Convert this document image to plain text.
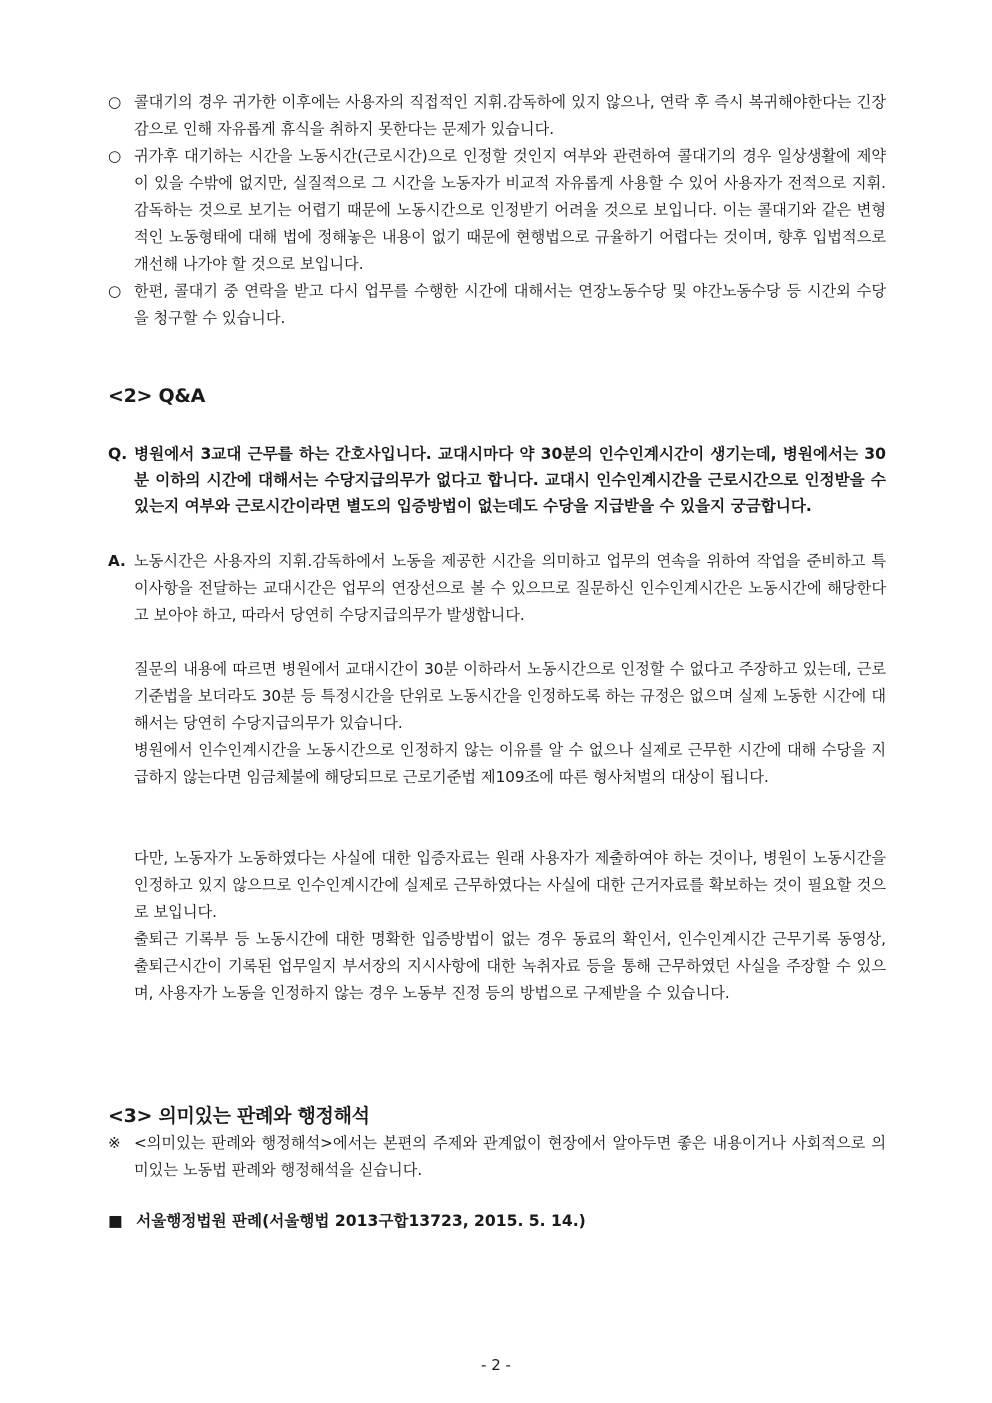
○ 콜대기의 경우 귀가한 이후에는 사용자의 직접적인 지휘.감독하에 있지 않으나, 연락 후 즉시 복귀해야한다는 긴장감으로 인해 자유롭게 휴식을 취하지 못한다는 문제가 있습니다.
○ 귀가후 대기하는 시간을 노동시간(근로시간)으로 인정할 것인지 여부와 관련하여 콜대기의 경우 일상생활에 제약이 있을 수밖에 없지만, 실질적으로 그 시간을 노동자가 비교적 자유롭게 사용할 수 있어 사용자가 전적으로 지휘.감독하는 것으로 보기는 어렵기 때문에 노동시간으로 인정받기 어려울 것으로 보입니다. 이는 콜대기와 같은 변형적인 노동형태에 대해 법에 정해놓은 내용이 없기 때문에 현행법으로 규율하기 어렵다는 것이며, 향후 입법적으로 개선해 나가야 할 것으로 보입니다.
○ 한편, 콜대기 중 연락을 받고 다시 업무를 수행한 시간에 대해서는 연장노동수당 및 야간노동수당 등 시간외 수당을 청구할 수 있습니다.
<2> Q&A
Q. 병원에서 3교대 근무를 하는 간호사입니다. 교대시마다 약 30분의 인수인계시간이 생기는데, 병원에서는 30분 이하의 시간에 대해서는 수당지급의무가 없다고 합니다. 교대시 인수인계시간을 근로시간으로 인정받을 수 있는지 여부와 근로시간이라면 별도의 입증방법이 없는데도 수당을 지급받을 수 있을지 궁금합니다.
A. 노동시간은 사용자의 지휘.감독하에서 노동을 제공한 시간을 의미하고 업무의 연속을 위하여 작업을 준비하고 특이사항을 전달하는 교대시간은 업무의 연장선으로 볼 수 있으므로 질문하신 인수인계시간은 노동시간에 해당한다고 보아야 하고, 따라서 당연히 수당지급의무가 발생합니다.
질문의 내용에 따르면 병원에서 교대시간이 30분 이하라서 노동시간으로 인정할 수 없다고 주장하고 있는데, 근로기준법을 보더라도 30분 등 특정시간을 단위로 노동시간을 인정하도록 하는 규정은 없으며 실제 노동한 시간에 대해서는 당연히 수당지급의무가 있습니다.
병원에서 인수인계시간을 노동시간으로 인정하지 않는 이유를 알 수 없으나 실제로 근무한 시간에 대해 수당을 지급하지 않는다면 임금체불에 해당되므로 근로기준법 제109조에 따른 형사처벌의 대상이 됩니다.
다만, 노동자가 노동하였다는 사실에 대한 입증자료는 원래 사용자가 제출하여야 하는 것이나, 병원이 노동시간을 인정하고 있지 않으므로 인수인계시간에 실제로 근무하였다는 사실에 대한 근거자료를 확보하는 것이 필요할 것으로 보입니다.
출퇴근 기록부 등 노동시간에 대한 명확한 입증방법이 없는 경우 동료의 확인서, 인수인계시간 근무기록 동영상, 출퇴근시간이 기록된 업무일지 부서장의 지시사항에 대한 녹취자료 등을 통해 근무하였던 사실을 주장할 수 있으며, 사용자가 노동을 인정하지 않는 경우 노동부 진정 등의 방법으로 구제받을 수 있습니다.
<3> 의미있는 판례와 행정해석
※ <의미있는 판례와 행정해석>에서는 본편의 주제와 관계없이 현장에서 알아두면 좋은 내용이거나 사회적으로 의미있는 노동법 판례와 행정해석을 싣습니다.
■ 서울행정법원 판례(서울행법 2013구합13723, 2015. 5. 14.)
- 2 -
